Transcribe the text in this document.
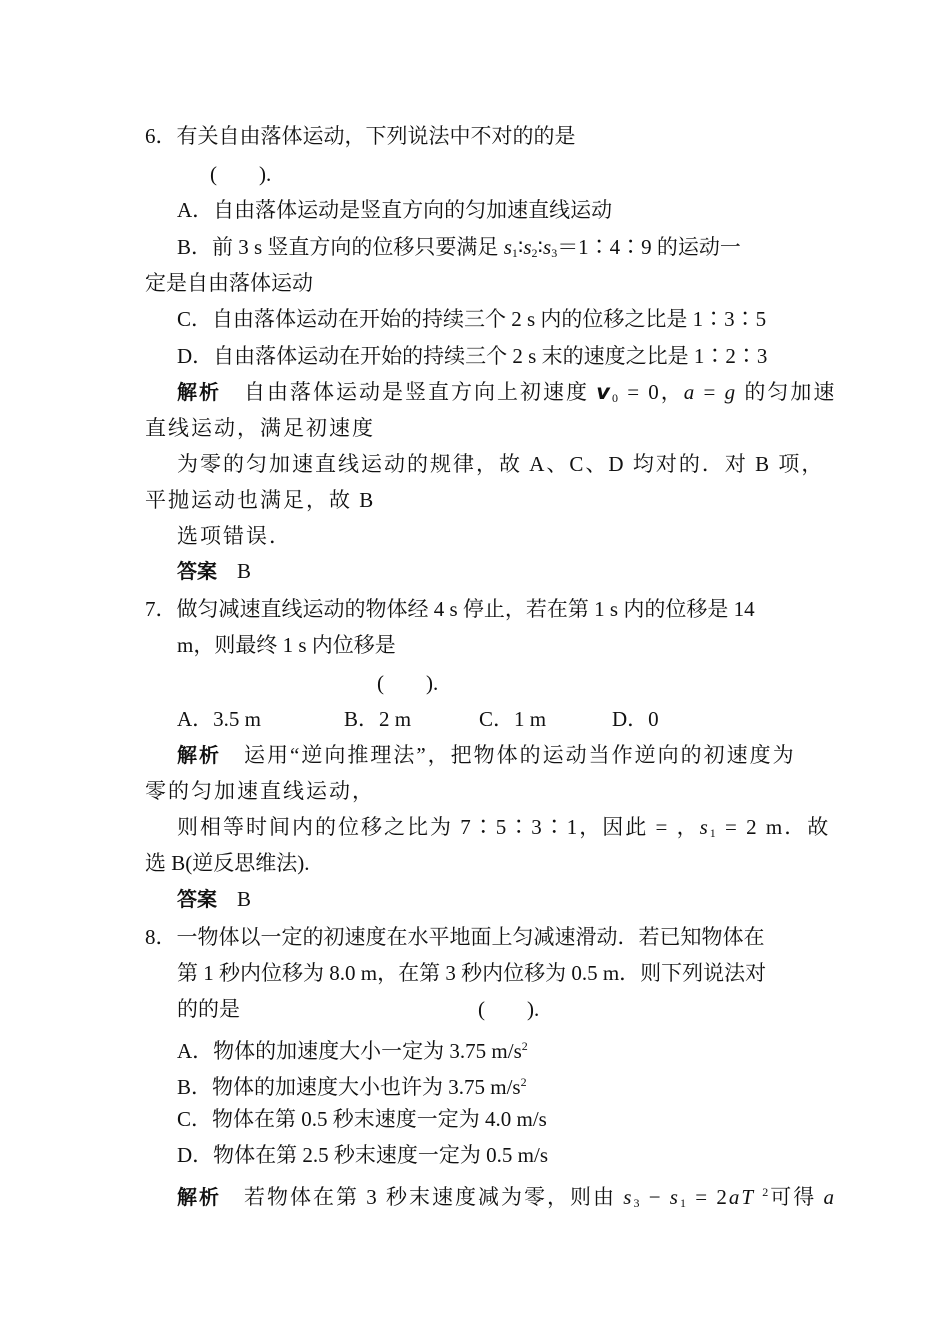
6．有关自由落体运动，下列说法中不对的的是
(　　).
A．自由落体运动是竖直方向的匀加速直线运动
B．前 3 s 竖直方向的位移只要满足 $s_1∶s_2∶s_3=1∶4∶9$ 的运动一
定是自由落体运动
C．自由落体运动在开始的持续三个 2 s 内的位移之比是 1∶3∶5
D．自由落体运动在开始的持续三个 2 s 末的速度之比是 1∶2∶3
解析　 自由落体运动是竖直方向上初速度 $v_0 = 0$，a = g 的匀加速
直线运动，满足初速度
为零的匀加速直线运动的规律，故 A、C、D 均对的．对 B 项，
平抛运动也满足，故 B
选项错误．
答案 B
7．做匀减速直线运动的物体经 4 s 停止，若在第 1 s 内的位移是 14
m，则最终 1 s 内位移是
(　　).
A．3.5 m	B．2 m	C．1 m	D．0
解析　 运用“逆向推理法”，把物体的运动当作逆向的初速度为
零的匀加速直线运动，
则相等时间内的位移之比为 7∶5∶3∶1，因此 = ，$s_1 = 2$ m．故
选 B(逆反思维法).
答案 B
8．一物体以一定的初速度在水平地面上匀减速滑动．若已知物体在
第 1 秒内位移为 8.0 m，在第 3 秒内位移为 0.5 m．则下列说法对
的的是	(　　).
A．物体的加速度大小一定为 3.75 $m/s^2$
B．物体的加速度大小也许为 3.75 $m/s^2$
C．物体在第 0.5 秒末速度一定为 4.0 m/s
D．物体在第 2.5 秒末速度一定为 0.5 m/s
解析　 若物体在第 3 秒末速度减为零，则由 $s_3 - s_1 = 2aT$ $^2$可得 a
